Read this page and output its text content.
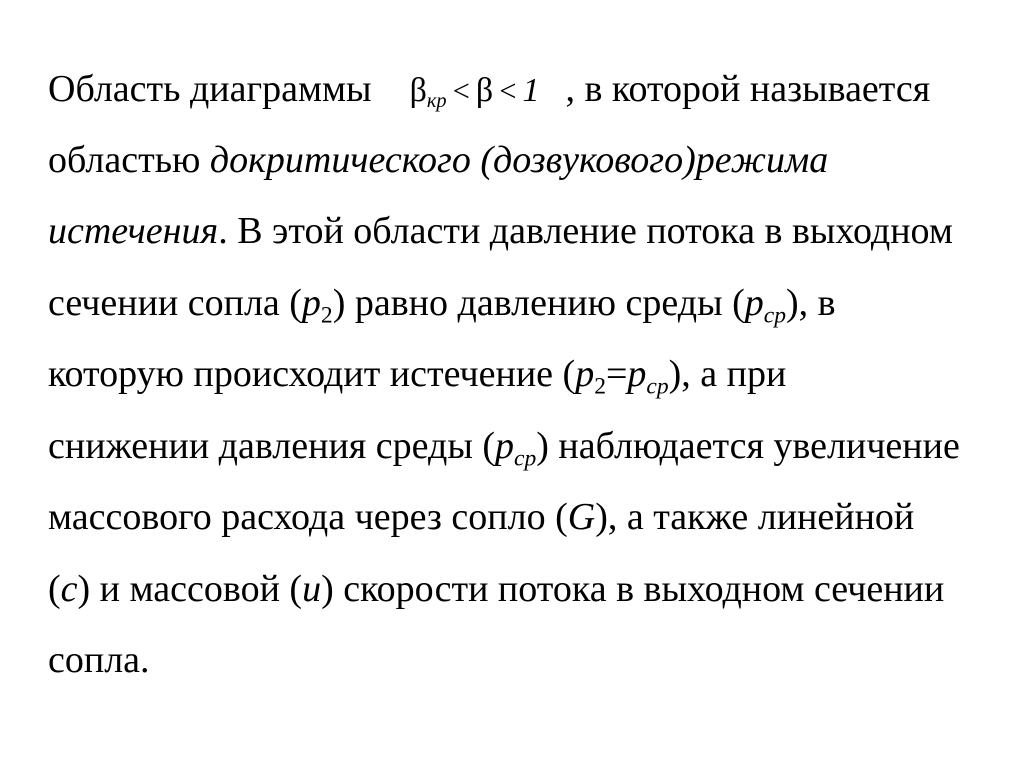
Область диаграммы βкр < β < 1 , в которой называется
областью докритического (дозвукового)режима
истечения. В этой области давление потока в выходном
сечении сопла $(p_2)$ равно давлению среды $(p_{ср})$, в
которую происходит истечение $(p_2=p_{ср})$, а при
снижении давления среды $(p_{ср})$ наблюдается увеличение
массового расхода через сопло (G), а также линейной
(с) и массовой (u) скорости потока в выходном сечении
сопла.
